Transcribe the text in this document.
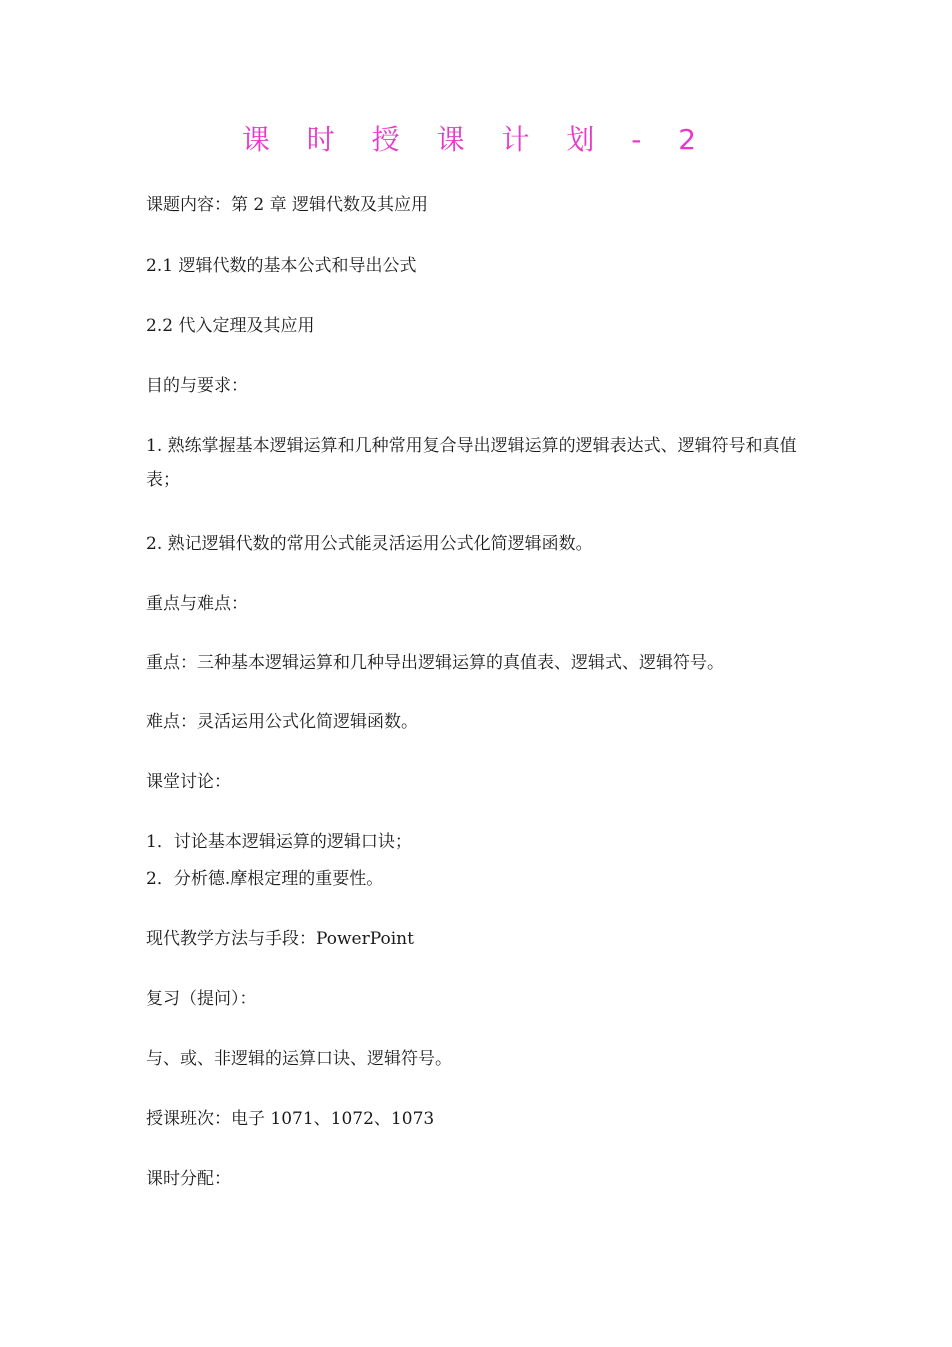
课 时 授 课 计 划 - 2

课题内容：第 2 章 逻辑代数及其应用

2.1 逻辑代数的基本公式和导出公式

2.2 代入定理及其应用

目的与要求：

1. 熟练掌握基本逻辑运算和几种常用复合导出逻辑运算的逻辑表达式、逻辑符号和真值表；

2. 熟记逻辑代数的常用公式能灵活运用公式化简逻辑函数。

重点与难点：

重点：三种基本逻辑运算和几种导出逻辑运算的真值表、逻辑式、逻辑符号。

难点：灵活运用公式化简逻辑函数。

课堂讨论：

1．讨论基本逻辑运算的逻辑口诀；

2．分析德.摩根定理的重要性。

现代教学方法与手段：PowerPoint

复习（提问）：

与、或、非逻辑的运算口诀、逻辑符号。

授课班次：电子 1071、1072、1073

课时分配：
